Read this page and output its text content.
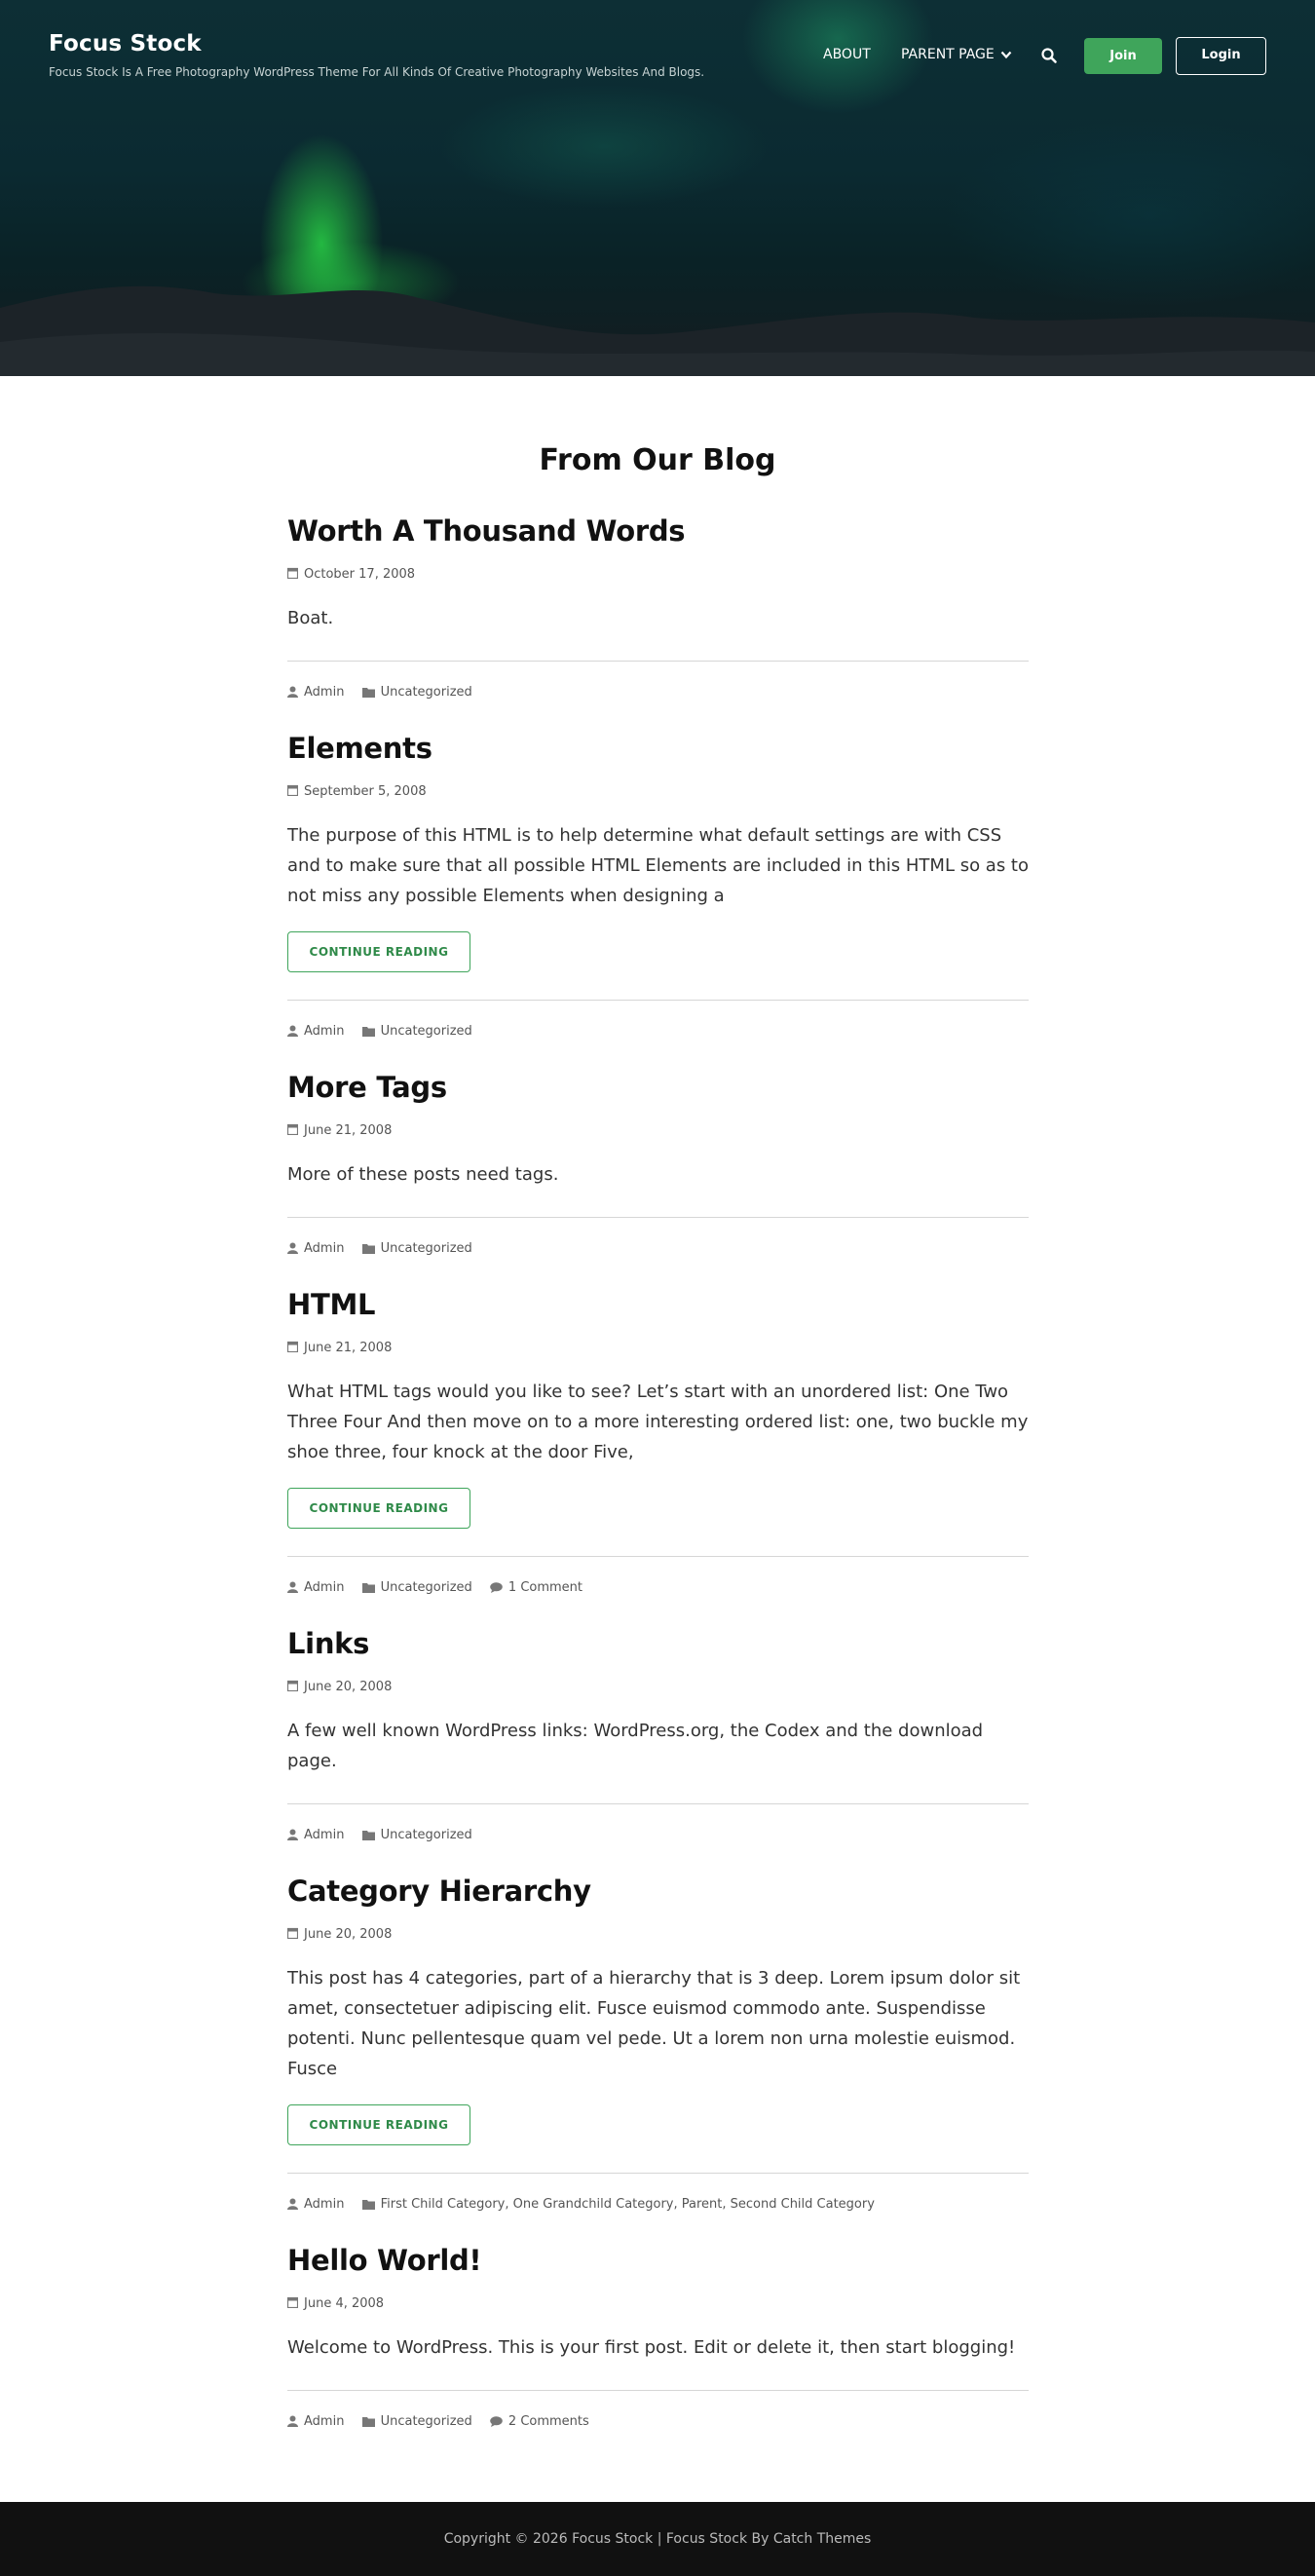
Focus Stock
Focus Stock Is A Free Photography WordPress Theme For All Kinds Of Creative Photography Websites And Blogs.
ABOUT PARENT PAGE	Join	Login
From Our Blog
Worth A Thousand Words
October 17, 2008

Boat.

Admin	Uncategorized
Elements
September 5, 2008

The purpose of this HTML is to help determine what default settings are with CSS and to make sure that all possible HTML Elements are included in this HTML so as to not miss any possible Elements when designing a

CONTINUE READING
Admin	Uncategorized
More Tags
June 21, 2008

More of these posts need tags.

Admin	Uncategorized
HTML
June 21, 2008

What HTML tags would you like to see? Let’s start with an unordered list: One Two Three Four And then move on to a more interesting ordered list: one, two buckle my shoe three, four knock at the door Five,

CONTINUE READING
Admin	Uncategorized	1 Comment
Links
June 20, 2008

A few well known WordPress links: WordPress.org, the Codex and the download page.

Admin	Uncategorized
Category Hierarchy
June 20, 2008

This post has 4 categories, part of a hierarchy that is 3 deep. Lorem ipsum dolor sit amet, consectetuer adipiscing elit. Fusce euismod commodo ante. Suspendisse potenti. Nunc pellentesque quam vel pede. Ut a lorem non urna molestie euismod. Fusce

CONTINUE READING
Admin	First Child Category, One Grandchild Category, Parent, Second Child Category
Hello World!
June 4, 2008

Welcome to WordPress. This is your first post. Edit or delete it, then start blogging!

Admin	Uncategorized	2 Comments
Copyright © 2026 Focus Stock | Focus Stock By Catch Themes
